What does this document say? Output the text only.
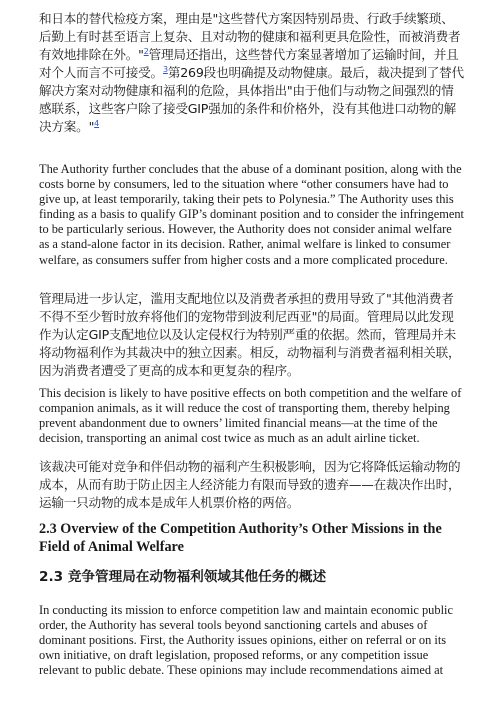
和日本的替代检疫方案，理由是"这些替代方案因特别昂贵、行政手续繁琐、后勤上有时甚至语言上复杂、且对动物的健康和福利更具危险性，而被消费者有效地排除在外。"$^2$管理局还指出，这些替代方案显著增加了运输时间，并且对个人而言不可接受。$^3$第269段也明确提及动物健康。最后，裁决提到了替代解决方案对动物健康和福利的危险，具体指出"由于他们与动物之间强烈的情感联系，这些客户除了接受GIP强加的条件和价格外，没有其他进口动物的解决方案。"$^4$

The Authority further concludes that the abuse of a dominant position, along with the costs borne by consumers, led to the situation where “other consumers have had to give up, at least temporarily, taking their pets to Polynesia.” The Authority uses this finding as a basis to qualify GIP’s dominant position and to consider the infringement to be particularly serious. However, the Authority does not consider animal welfare as a stand-alone factor in its decision. Rather, animal welfare is linked to consumer welfare, as consumers suffer from higher costs and a more complicated procedure.

管理局进一步认定，滥用支配地位以及消费者承担的费用导致了"其他消费者不得不至少暂时放弃将他们的宠物带到波利尼西亚"的局面。管理局以此发现作为认定GIP支配地位以及认定侵权行为特别严重的依据。然而，管理局并未将动物福利作为其裁决中的独立因素。相反，动物福利与消费者福利相关联，因为消费者遭受了更高的成本和更复杂的程序。

This decision is likely to have positive effects on both competition and the welfare of companion animals, as it will reduce the cost of transporting them, thereby helping prevent abandonment due to owners’ limited financial means—at the time of the decision, transporting an animal cost twice as much as an adult airline ticket.

该裁决可能对竞争和伴侣动物的福利产生积极影响，因为它将降低运输动物的成本，从而有助于防止因主人经济能力有限而导致的遗弃——在裁决作出时，运输一只动物的成本是成年人机票价格的两倍。

2.3 Overview of the Competition Authority’s Other Missions in the Field of Animal Welfare
2.3 竞争管理局在动物福利领域其他任务的概述

In conducting its mission to enforce competition law and maintain economic public order, the Authority has several tools beyond sanctioning cartels and abuses of dominant positions. First, the Authority issues opinions, either on referral or on its own initiative, on draft legislation, proposed reforms, or any competition issue relevant to public debate. These opinions may include recommendations aimed at
